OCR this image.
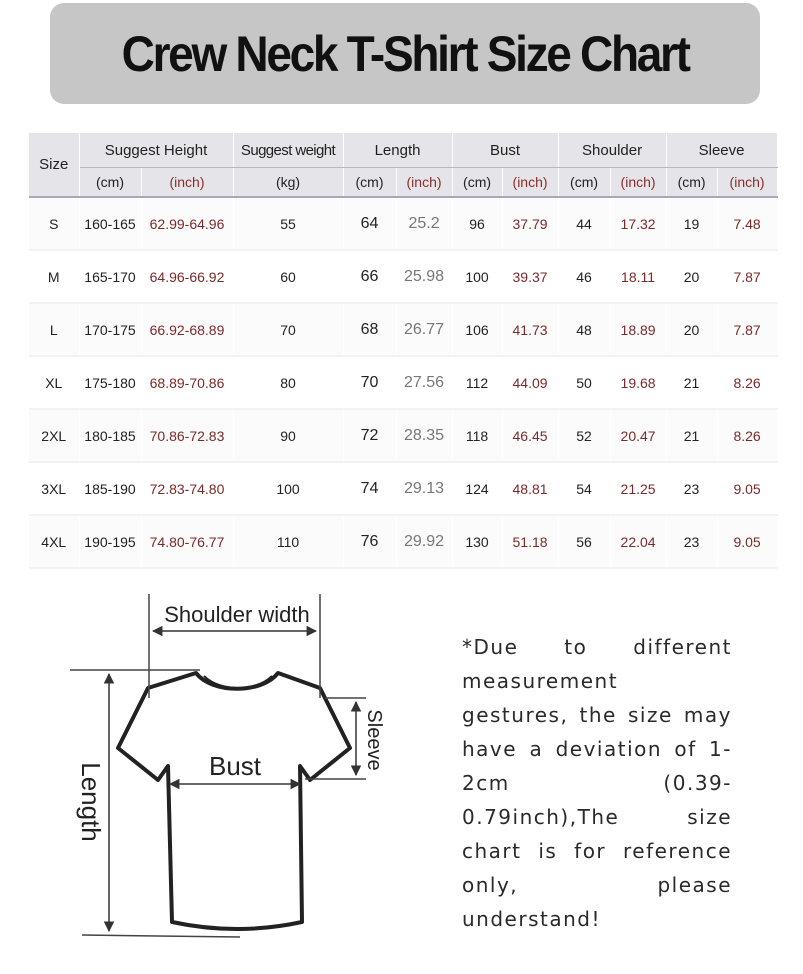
Crew Neck T-Shirt Size Chart
Size	Suggest Height		Suggest weight	Length		Bust		Shoulder		Sleeve	
	(cm)	(inch)	(kg)	(cm)	(inch)	(cm)	(inch)	(cm)	(inch)	(cm)	(inch)
S	160-165	62.99-64.96	55	64	25.2	96	37.79	44	17.32	19	7.48
M	165-170	64.96-66.92	60	66	25.98	100	39.37	46	18.11	20	7.87
L	170-175	66.92-68.89	70	68	26.77	106	41.73	48	18.89	20	7.87
XL	175-180	68.89-70.86	80	70	27.56	112	44.09	50	19.68	21	8.26
2XL	180-185	70.86-72.83	90	72	28.35	118	46.45	52	20.47	21	8.26
3XL	185-190	72.83-74.80	100	74	29.13	124	48.81	54	21.25	23	9.05
4XL	190-195	74.80-76.77	110	76	29.92	130	51.18	56	22.04	23	9.05
Shoulder width
Bust
Length
Sleeve
*Due to different measurement gestures, the size may have a deviation of 1-2cm (0.39-0.79inch),The size chart is for reference only, please understand!
